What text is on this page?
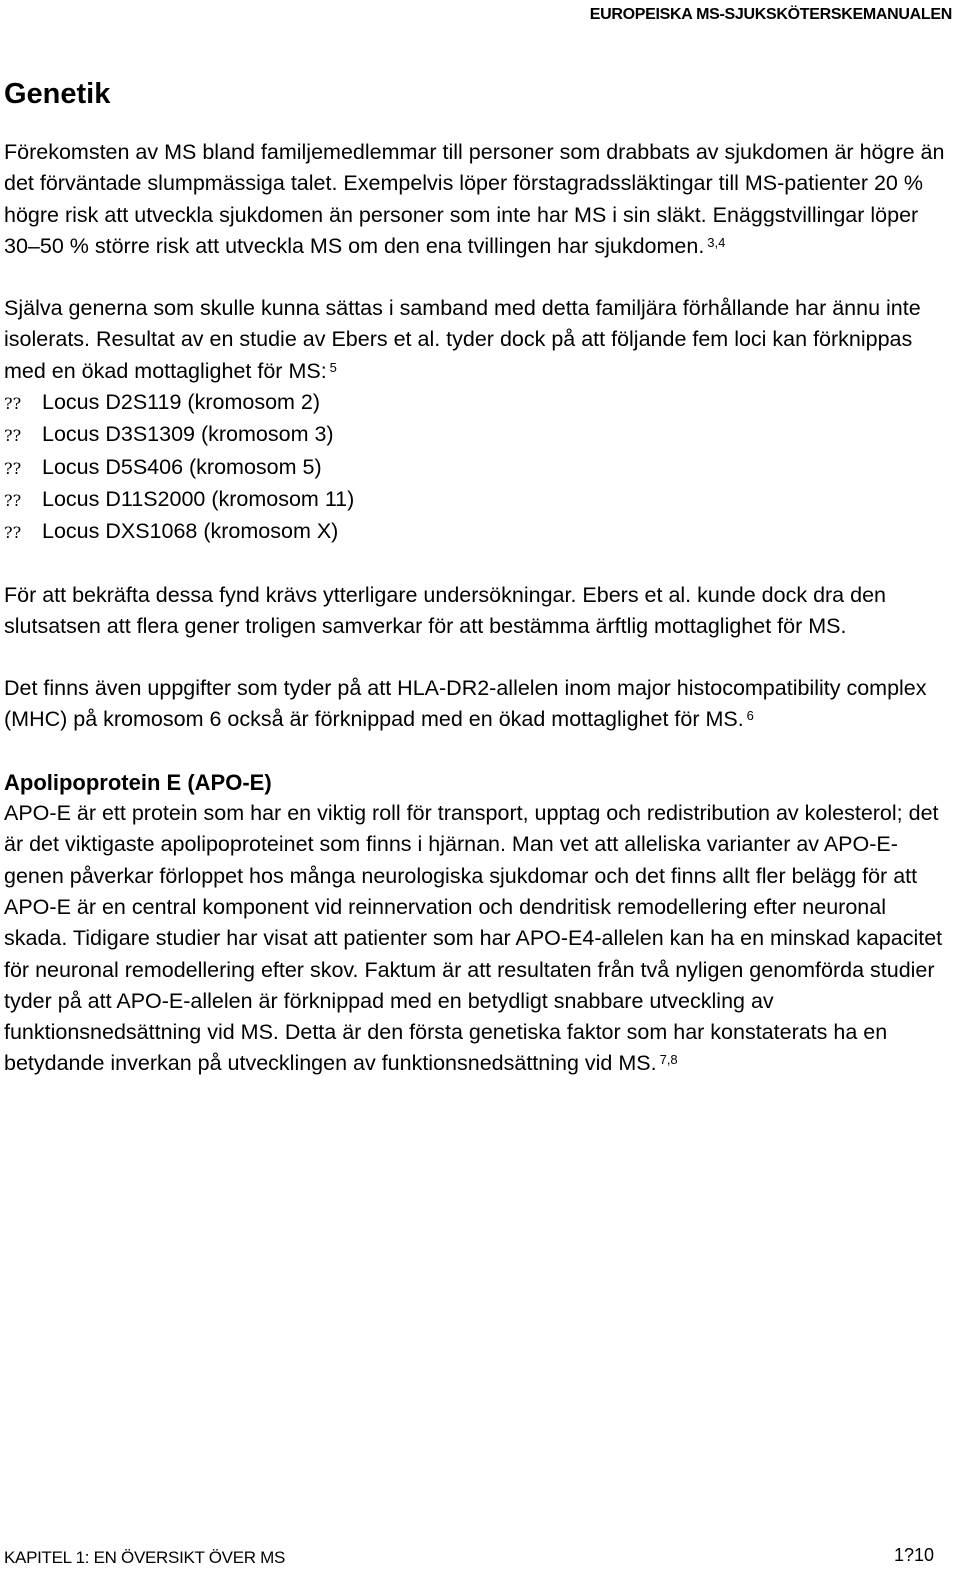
EUROPEISKA MS-SJUKSKÖTERSKEMANUALEN
Genetik

Förekomsten av MS bland familjemedlemmar till personer som drabbats av sjukdomen är högre än det förväntade slumpmässiga talet. Exempelvis löper förstagradssläktingar till MS-patienter 20 % högre risk att utveckla sjukdomen än personer som inte har MS i sin släkt. Enäggstvillingar löper 30–50 % större risk att utveckla MS om den ena tvillingen har sjukdomen. $^{3,4}$

Själva generna som skulle kunna sättas i samband med detta familjära förhållande har ännu inte isolerats. Resultat av en studie av Ebers et al. tyder dock på att följande fem loci kan förknippas med en ökad mottaglighet för MS: $^5$

?? Locus D2S119 (kromosom 2)
?? Locus D3S1309 (kromosom 3)
?? Locus D5S406 (kromosom 5)
?? Locus D11S2000 (kromosom 11)
?? Locus DXS1068 (kromosom X)

För att bekräfta dessa fynd krävs ytterligare undersökningar. Ebers et al. kunde dock dra den slutsatsen att flera gener troligen samverkar för att bestämma ärftlig mottaglighet för MS.

Det finns även uppgifter som tyder på att HLA-DR2-allelen inom major histocompatibility complex (MHC) på kromosom 6 också är förknippad med en ökad mottaglighet för MS. $^6$

Apolipoprotein E (APO-E)

APO-E är ett protein som har en viktig roll för transport, upptag och redistribution av kolesterol; det är det viktigaste apolipoproteinet som finns i hjärnan. Man vet att alleliska varianter av APO-E-genen påverkar förloppet hos många neurologiska sjukdomar och det finns allt fler belägg för att APO-E är en central komponent vid reinnervation och dendritisk remodellering efter neuronal skada. Tidigare studier har visat att patienter som har APO-E4-allelen kan ha en minskad kapacitet för neuronal remodellering efter skov. Faktum är att resultaten från två nyligen genomförda studier tyder på att APO-E-allelen är förknippad med en betydligt snabbare utveckling av funktionsnedsättning vid MS. Detta är den första genetiska faktor som har konstaterats ha en betydande inverkan på utvecklingen av funktionsnedsättning vid MS. $^{7,8}$

KAPITEL 1: EN ÖVERSIKT ÖVER MS	1?10
